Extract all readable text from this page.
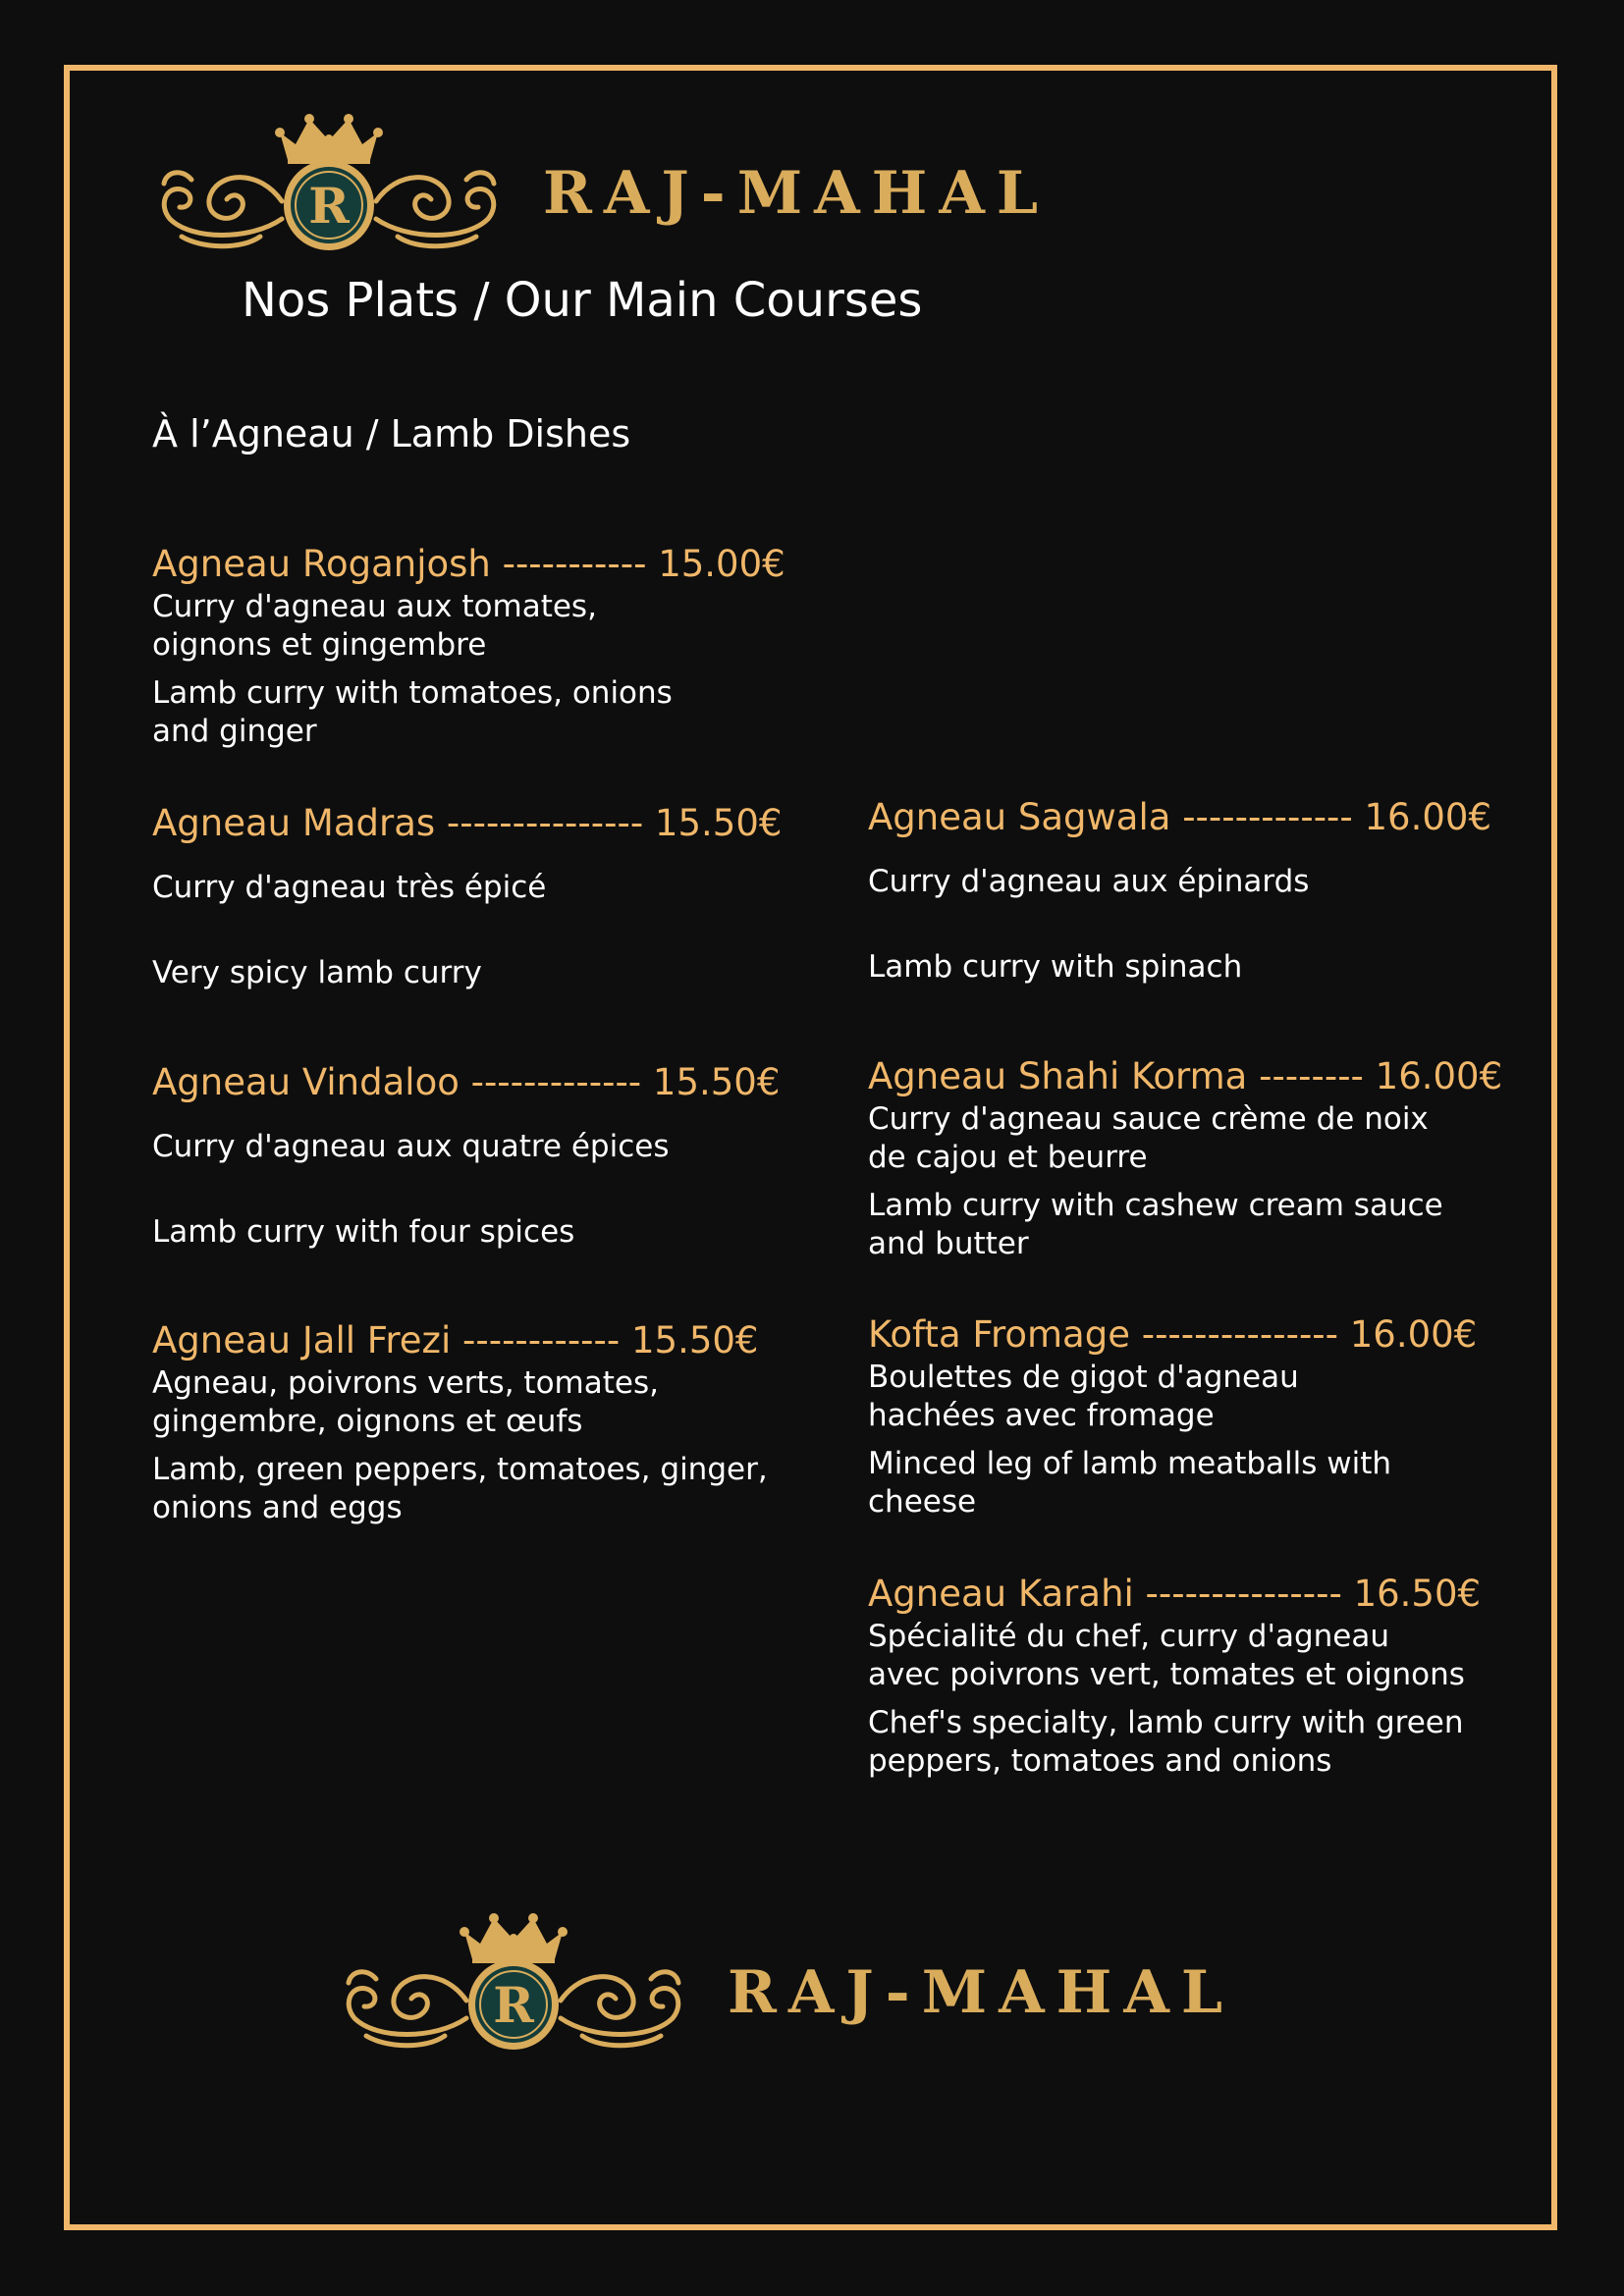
R	RAJ-MAHAL
Nos Plats / Our Main Courses
À l’Agneau / Lamb Dishes
Agneau Roganjosh ----------- 15.00€
Curry d'agneau aux tomates, oignons et gingembre
Lamb curry with tomatoes, onions and ginger
Agneau Madras --------------- 15.50€
Curry d'agneau très épicé
Very spicy lamb curry
Agneau Vindaloo ------------- 15.50€
Curry d'agneau aux quatre épices
Lamb curry with four spices
Agneau Jall Frezi ------------ 15.50€
Agneau, poivrons verts, tomates, gingembre, oignons et œufs
Lamb, green peppers, tomatoes, ginger, onions and eggs
Agneau Sagwala ------------- 16.00€
Curry d'agneau aux épinards
Lamb curry with spinach
Agneau Shahi Korma -------- 16.00€
Curry d'agneau sauce crème de noix de cajou et beurre
Lamb curry with cashew cream sauce and butter
Kofta Fromage --------------- 16.00€
Boulettes de gigot d'agneau hachées avec fromage
Minced leg of lamb meatballs with cheese
Agneau Karahi --------------- 16.50€
Spécialité du chef, curry d'agneau avec poivrons vert, tomates et oignons
Chef's specialty, lamb curry with green peppers, tomatoes and onions
R	RAJ-MAHAL
